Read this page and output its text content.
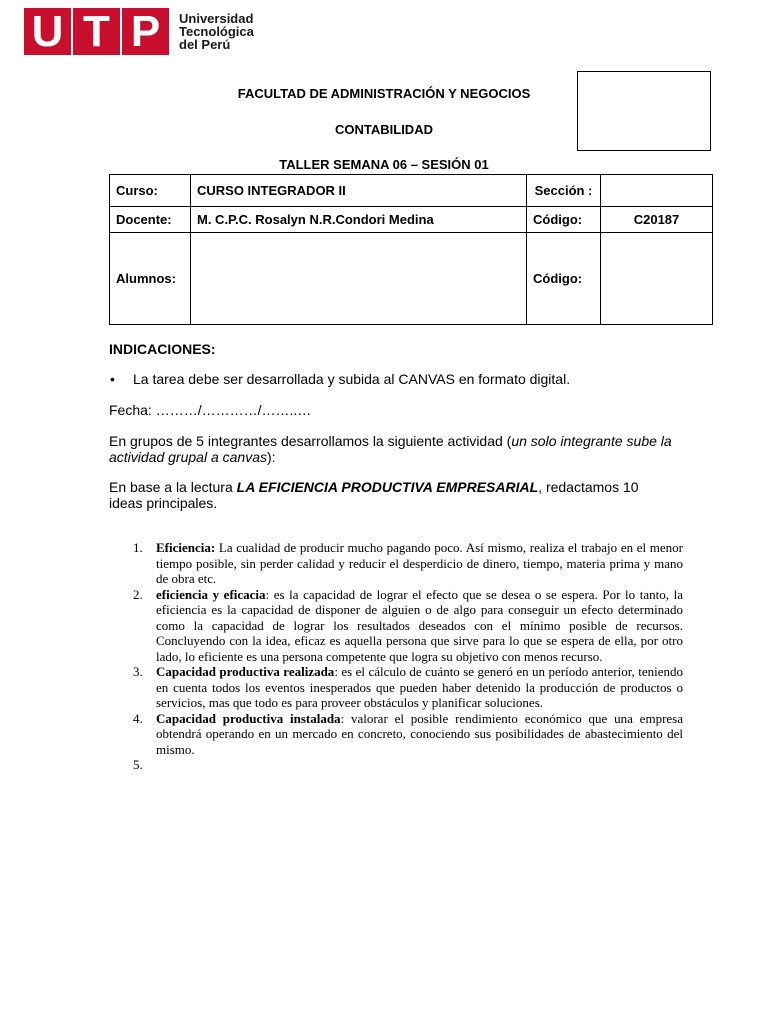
U T P	Universidad
Tecnológica
del Perú
FACULTAD DE ADMINISTRACIÓN Y NEGOCIOS
CONTABILIDAD
TALLER SEMANA 06 – SESIÓN 01
Curso:	CURSO INTEGRADOR II	Sección :	
Docente:	M. C.P.C. Rosalyn N.R.Condori Medina	Código:	C20187
Alumnos:		Código:	
INDICACIONES:
• La tarea debe ser desarrollada y subida al CANVAS en formato digital.
Fecha: ………/…………/……..…
En grupos de 5 integrantes desarrollamos la siguiente actividad (un solo integrante sube la actividad grupal a canvas):
En base a la lectura LA EFICIENCIA PRODUCTIVA EMPRESARIAL, redactamos 10 ideas principales.
1. Eficiencia: La cualidad de producir mucho pagando poco. Así mismo, realiza el trabajo en el menor tiempo posible, sin perder calidad y reducir el desperdicio de dinero, tiempo, materia prima y mano de obra etc.
2. eficiencia y eficacia: es la capacidad de lograr el efecto que se desea o se espera. Por lo tanto, la eficiencia es la capacidad de disponer de alguien o de algo para conseguir un efecto determinado como la capacidad de lograr los resultados deseados con el mínimo posible de recursos. Concluyendo con la idea, eficaz es aquella persona que sirve para lo que se espera de ella, por otro lado, lo eficiente es una persona competente que logra su objetivo con menos recurso.
3. Capacidad productiva realizada: es el cálculo de cuánto se generó en un período anterior, teniendo en cuenta todos los eventos inesperados que pueden haber detenido la producción de productos o servicios, mas que todo es para proveer obstáculos y planificar soluciones.
4. Capacidad productiva instalada: valorar el posible rendimiento económico que una empresa obtendrá operando en un mercado en concreto, conociendo sus posibilidades de abastecimiento del mismo.
5.
